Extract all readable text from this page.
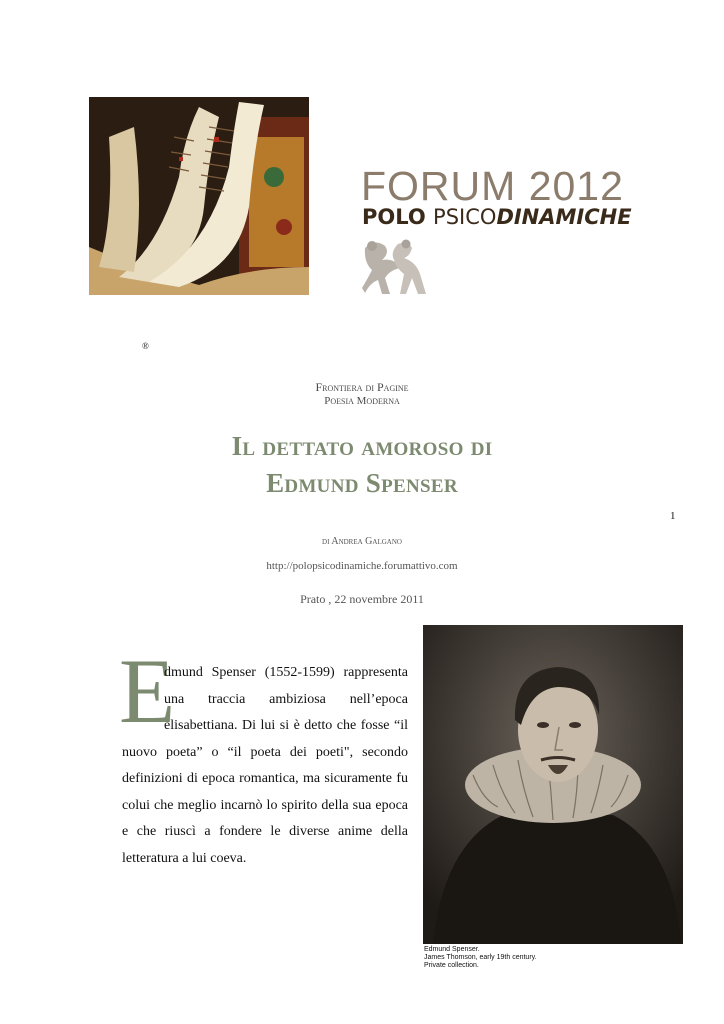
FORUM 2012
POLO PSICODINAMICHE
®
Frontiera di Pagine
Poesia Moderna
Il dettato amoroso di
Edmund Spenser
1
di Andrea Galgano
http://polopsicodinamiche.forumattivo.com
Prato , 22 novembre 2011
E
dmund Spenser (1552-1599) rappresenta una traccia ambiziosa nell’epoca elisabettiana. Di lui si è detto che fosse “il nuovo poeta” o “il poeta dei poeti", secondo definizioni di epoca romantica, ma sicuramente fu colui che meglio incarnò lo spirito della sua epoca e che riuscì a fondere le diverse anime della letteratura a lui coeva.
Edmund Spenser.
James Thomson, early 19th century.
Private collection.
